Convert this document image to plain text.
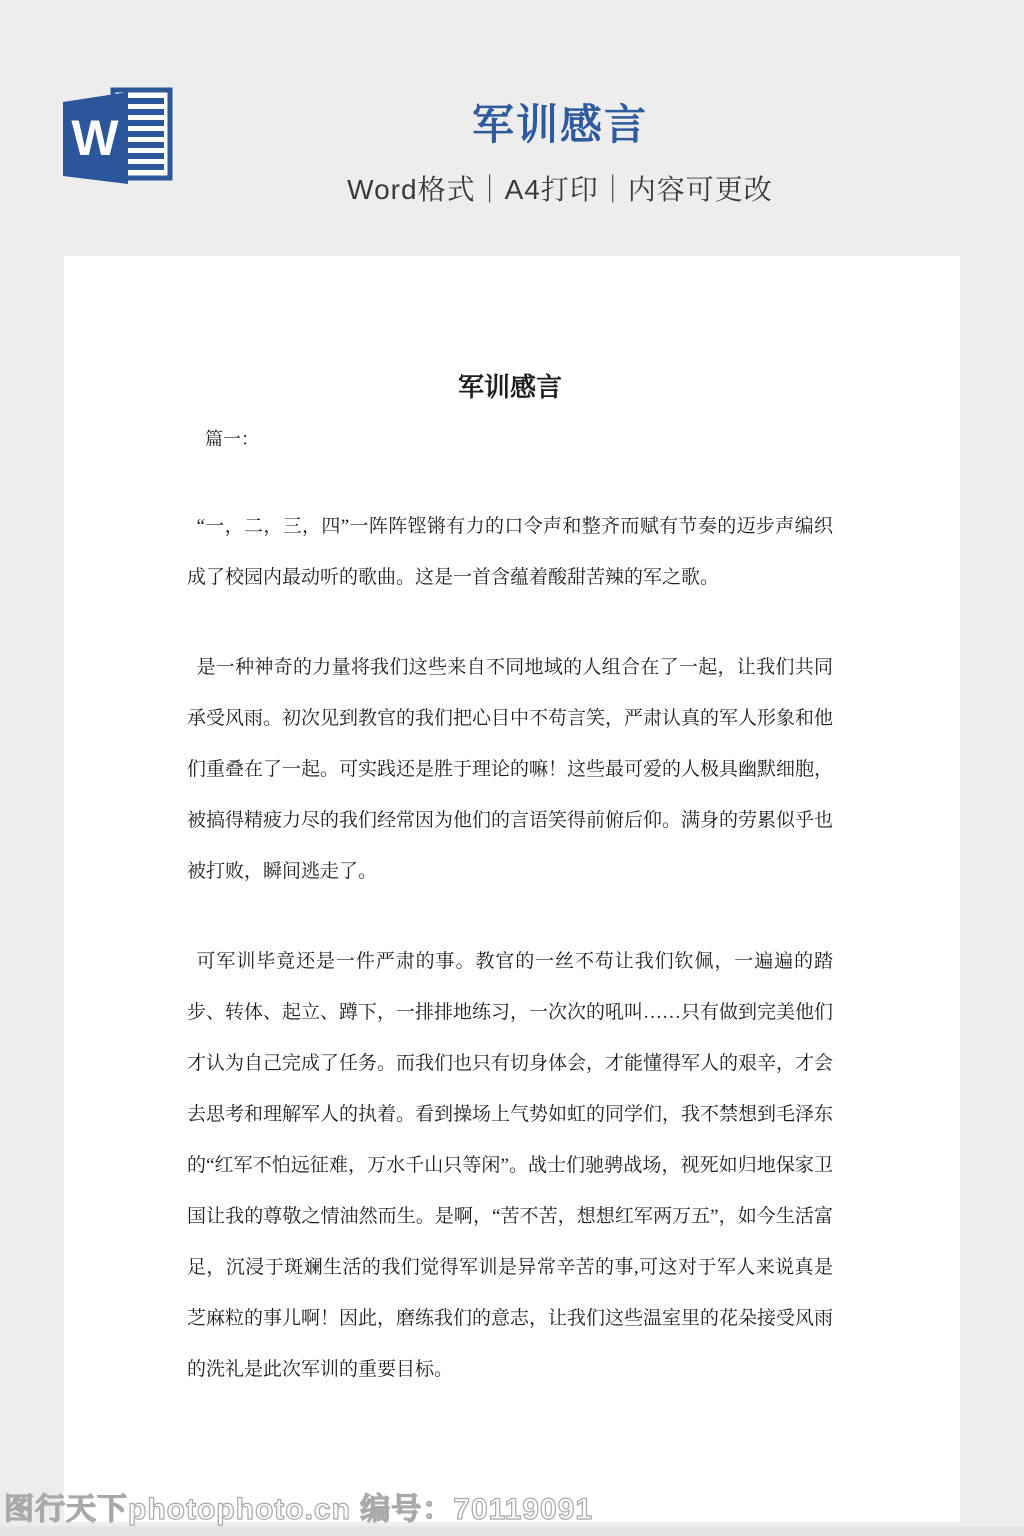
W	军训感言
Word格式｜A4打印｜内容可更改
军训感言
篇一：

“一，二，三，四”一阵阵铿锵有力的口令声和整齐而赋有节奏的迈步声编织成了校园内最动听的歌曲。这是一首含蕴着酸甜苦辣的军之歌。

是一种神奇的力量将我们这些来自不同地域的人组合在了一起，让我们共同承受风雨。初次见到教官的我们把心目中不苟言笑，严肃认真的军人形象和他们重叠在了一起。可实践还是胜于理论的嘛！这些最可爱的人极具幽默细胞，被搞得精疲力尽的我们经常因为他们的言语笑得前俯后仰。满身的劳累似乎也被打败，瞬间逃走了。

可军训毕竟还是一件严肃的事。教官的一丝不苟让我们钦佩，一遍遍的踏步、转体、起立、蹲下，一排排地练习，一次次的吼叫……只有做到完美他们才认为自己完成了任务。而我们也只有切身体会，才能懂得军人的艰辛，才会去思考和理解军人的执着。看到操场上气势如虹的同学们，我不禁想到毛泽东的“红军不怕远征难，万水千山只等闲”。战士们驰骋战场，视死如归地保家卫国让我的尊敬之情油然而生。是啊，“苦不苦，想想红军两万五”，如今生活富足，沉浸于斑斓生活的我们觉得军训是异常辛苦的事,可这对于军人来说真是芝麻粒的事儿啊！因此，磨练我们的意志，让我们这些温室里的花朵接受风雨的洗礼是此次军训的重要目标。

图行天下photophoto.cn 编号：70119091
